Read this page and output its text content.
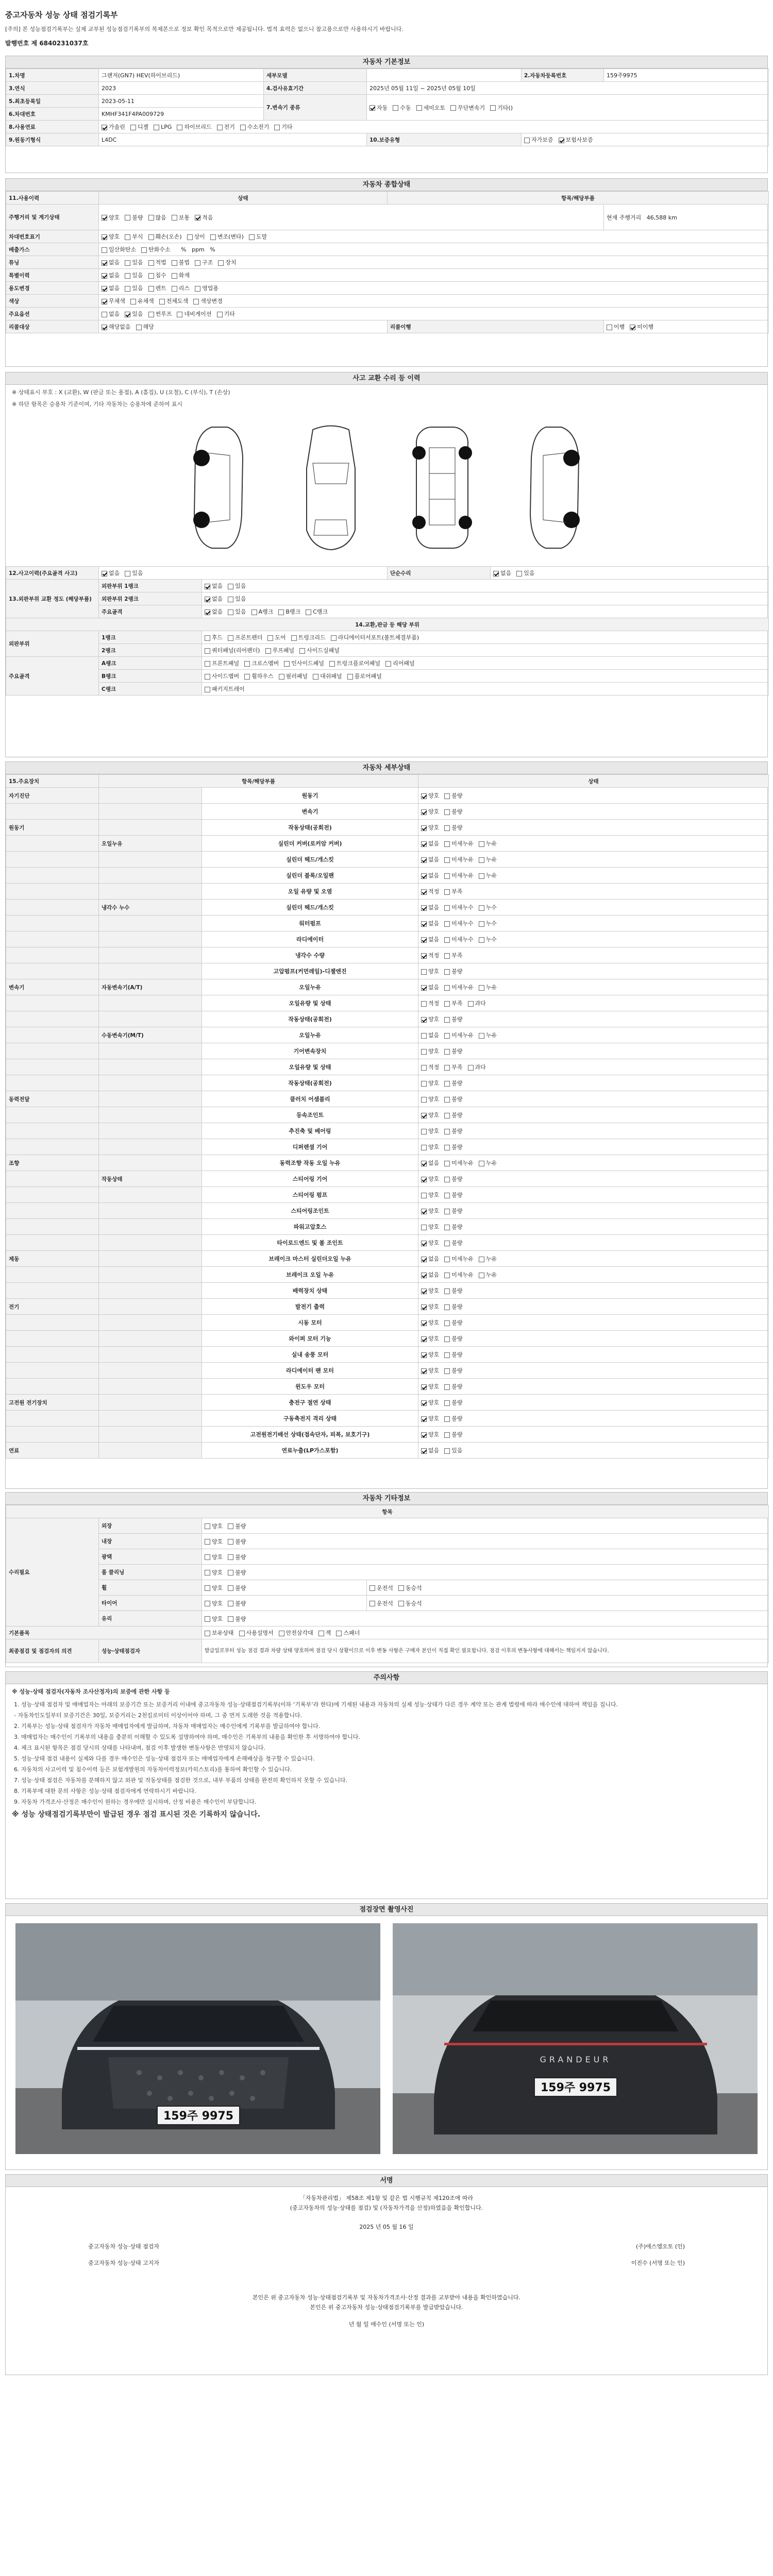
중고자동차 성능 상태 점검기록부
[주의] 본 성능점검기록부는 실제 교부된 성능점검기록부의 복제본으로 정보 확인 목적으로만 제공됩니다. 법적 효력은 없으니 참고용으로만 사용하시기 바랍니다.
발행번호 제 6840231037호
자동차 기본정보
1.차명	그랜저(GN7) HEV(하이브리드)	세부모델		2.자동차등록번호	159주9975
3.연식	2023	4.검사유효기간	2025년 05월 11일 ~ 2025년 05월 10일		
5.최초등록일	2023-05-11	7.변속기 종류	자동 수동 세미오토 무단변속기 기타()		
6.차대번호	KMHF341F4PA009729				
8.사용연료	가솔린 디젤 LPG 하이브리드 전기 수소전기 기타				
9.원동기형식	L4DC		10.보증유형	자가보증 보험사보증	
자동차 종합상태
11.사용이력	상태	항목/해당부품	
주행거리 및 계기상태	양호 불량 많음 보통 적음		현재 주행거리   46,588 km
차대번호표기	양호 부식 훼손(오손) 상이 변조(변타) 도말		
배출가스	일산화탄소 탄화수소   %   ppm   %		
튜닝	없음 있음 적법 불법 구조 장치		
특별이력	없음 있음 침수 화재		
용도변경	없음 있음 렌트 리스 영업용		
색상	무채색 유채색 전체도색 색상변경		
주요옵션	없음 있음 썬루프 네비게이션 기타		
리콜대상	해당없음 해당	리콜이행	이행 미이행
사고 교환 수리 등 이력
※ 상태표시 부호 : X (교환), W (판금 또는 용접), A (흠집), U (요철), C (부식), T (손상)
※ 하단 항목은 승용차 기준이며, 기타 자동차는 승용차에 준하여 표시
12.사고이력(주요골격 사고)	없음 있음		단순수리	없음 있음
13.외판부위 교환 정도 (해당부품)	외판부위 1랭크	없음 있음		
	외판부위 2랭크	없음 있음		
	주요골격	없음 있음 A랭크 B랭크 C랭크		
14.교환,판금 등 해당 부위				
외판부위	1랭크	후드 프론트펜더 도어 트렁크리드 라디에이터서포트(볼트체결부품)		
	2랭크	쿼터패널(리어펜더) 루프패널 사이드실패널		
주요골격	A랭크	프론트패널 크로스멤버 인사이드패널 트렁크플로어패널 리어패널		
	B랭크	사이드멤버 휠하우스 필러패널 대쉬패널 플로어패널		
	C랭크	패키지트레이		
자동차 세부상태
15.주요장치	항목/해당부품		상태
자기진단		원동기	양호 불량
		변속기	양호 불량
원동기		작동상태(공회전)	양호 불량
	오일누유	실린더 커버(로커암 커버)	없음 미세누유 누유
		실린더 헤드/개스킷	없음 미세누유 누유
		실린더 블록/오일팬	없음 미세누유 누유
		오일 유량 및 오염	적정 부족
	냉각수 누수	실린더 헤드/개스킷	없음 미세누수 누수
		워터펌프	없음 미세누수 누수
		라디에이터	없음 미세누수 누수
		냉각수 수량	적정 부족
		고압펌프(커먼레일)-디젤엔진	양호 불량
변속기	자동변속기(A/T)	오일누유	없음 미세누유 누유
		오일유량 및 상태	적정 부족 과다
		작동상태(공회전)	양호 불량
	수동변속기(M/T)	오일누유	없음 미세누유 누유
		기어변속장치	양호 불량
		오일유량 및 상태	적정 부족 과다
		작동상태(공회전)	양호 불량
동력전달		클러치 어셈블리	양호 불량
		등속조인트	양호 불량
		추진축 및 베어링	양호 불량
		디퍼렌셜 기어	양호 불량
조향		동력조향 작동 오일 누유	없음 미세누유 누유
	작동상태	스티어링 기어	양호 불량
		스티어링 펌프	양호 불량
		스티어링조인트	양호 불량
		파워고압호스	양호 불량
		타이로드엔드 및 볼 조인트	양호 불량
제동		브레이크 마스터 실린더오일 누유	없음 미세누유 누유
		브레이크 오일 누유	없음 미세누유 누유
		배력장치 상태	양호 불량
전기		발전기 출력	양호 불량
		시동 모터	양호 불량
		와이퍼 모터 기능	양호 불량
		실내 송풍 모터	양호 불량
		라디에이터 팬 모터	양호 불량
		윈도우 모터	양호 불량
고전원 전기장치		충전구 절연 상태	양호 불량
		구동축전지 격리 상태	양호 불량
		고전원전기배선 상태(접속단자, 피복, 보호기구)	양호 불량
연료		연료누출(LP가스포함)	없음 있음
자동차 기타정보
항목			
수리필요	외장	양호 불량	
	내장	양호 불량	
	광택	양호 불량	
	룸 클리닝	양호 불량	
	휠	양호 불량	운전석 동승석
	타이어	양호 불량	운전석 동승석
	유리	양호 불량	
기본품목		보유상태 사용설명서 안전삼각대 잭 스패너	
최종점검 및 점검자의 의견	성능·상태점검자	발급일로부터 성능 점검 결과 차량 상태 양호하며 점검 당시 상황이므로 이후 변동 사항은 구매자 본인이 직접 확인 필요합니다. 점검 이후의 변동사항에 대해서는 책임지지 않습니다.	
주의사항
※ 성능·상태 점검자(자동차 조사산정자)의 보증에 관한 사항 등
1. 성능·상태 점검자 및 매매업자는 아래의 보증기간 또는 보증거리 이내에 중고자동차 성능·상태점검기록부(이하 ‘기록부’라 한다)에 기재된 내용과 자동차의 실제 성능·상태가 다른 경우 계약 또는 관계 법령에 따라 매수인에 대하여 책임을 집니다.
- 자동차인도일부터 보증기간은 30일, 보증거리는 2천킬로미터 이상이어야 하며, 그 중 먼저 도래한 것을 적용합니다.
2. 기록부는 성능·상태 점검자가 자동차 매매업자에게 발급하며, 자동차 매매업자는 매수인에게 기록부를 발급하여야 합니다.
3. 매매업자는 매수인이 기록부의 내용을 충분히 이해할 수 있도록 설명하여야 하며, 매수인은 기록부의 내용을 확인한 후 서명하여야 합니다.
4. 체크 표시된 항목은 점검 당시의 상태를 나타내며, 점검 이후 발생한 변동사항은 반영되지 않습니다.
5. 성능·상태 점검 내용이 실제와 다를 경우 매수인은 성능·상태 점검자 또는 매매업자에게 손해배상을 청구할 수 있습니다.
6. 자동차의 사고이력 및 침수이력 등은 보험개발원의 자동차이력정보(카히스토리)를 통하여 확인할 수 있습니다.
7. 성능·상태 점검은 자동차를 분해하지 않고 외관 및 작동상태를 점검한 것으로, 내부 부품의 상태를 완전히 확인하지 못할 수 있습니다.
8. 기록부에 대한 문의 사항은 성능·상태 점검자에게 연락하시기 바랍니다.
9. 자동차 가격조사·산정은 매수인이 원하는 경우에만 실시하며, 산정 비용은 매수인이 부담합니다.
※ 성능 상태점검기록부만이 발급된 경우 점검 표시된 것은 기록하지 않습니다.
점검장면 촬영사진
159주 9975
GRANDEUR
159주 9975
서명
「자동차관리법」 제58조 제1항 및 같은 법 시행규칙 제120조에 따라
(중고자동차의 성능·상태를 점검) 및 (자동차가격을 산정)하였음을 확인합니다.
2025 년 05 월 16 일
중고자동차 성능·상태 점검자	(주)에스엠오토 (인)
중고자동차 성능·상태 고지자	이진수 (서명 또는 인)
본인은 위 중고자동차 성능·상태점검기록부 및 자동차가격조사·산정 결과를 교부받아 내용을 확인하였습니다.
본인은 위 중고자동차 성능·상태점검기록부를 발급받았습니다.
년 월 일 매수인 (서명 또는 인)
